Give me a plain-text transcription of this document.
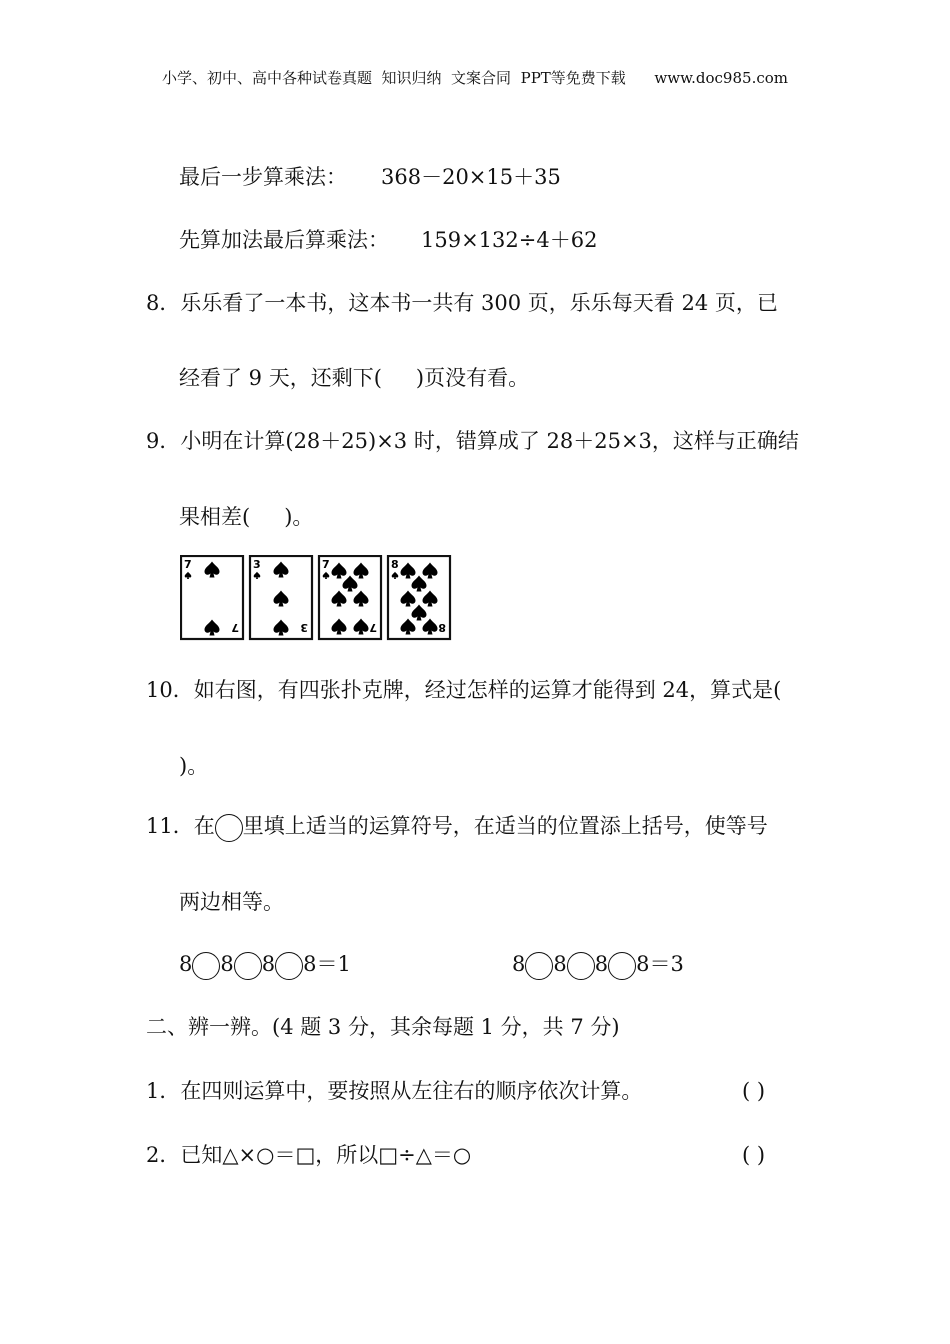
小学、初中、高中各种试卷真题  知识归纳  文案合同  PPT等免费下载      www.doc985.com
最后一步算乘法： 368－20×15＋35
先算加法最后算乘法： 159×132÷4＋62
8．乐乐看了一本书，这本书一共有 300 页，乐乐每天看 24 页，已
经看了 9 天，还剩下( )页没有看。
9．小明在计算(28＋25)×3 时，错算成了 28＋25×3，这样与正确结
果相差( )。
7
7
3
3
7
7
8
8
10．如右图，有四张扑克牌，经过怎样的运算才能得到 24，算式是(
)。
11．在 里填上适当的运算符号，在适当的位置添上括号，使等号
两边相等。
8 8 8 8＝1	8 8 8 8＝3
二、辨一辨。(4 题 3 分，其余每题 1 分，共 7 分)
1．在四则运算中，要按照从左往右的顺序依次计算。	( )
2．已知△×○＝□，所以□÷△＝○	( )
